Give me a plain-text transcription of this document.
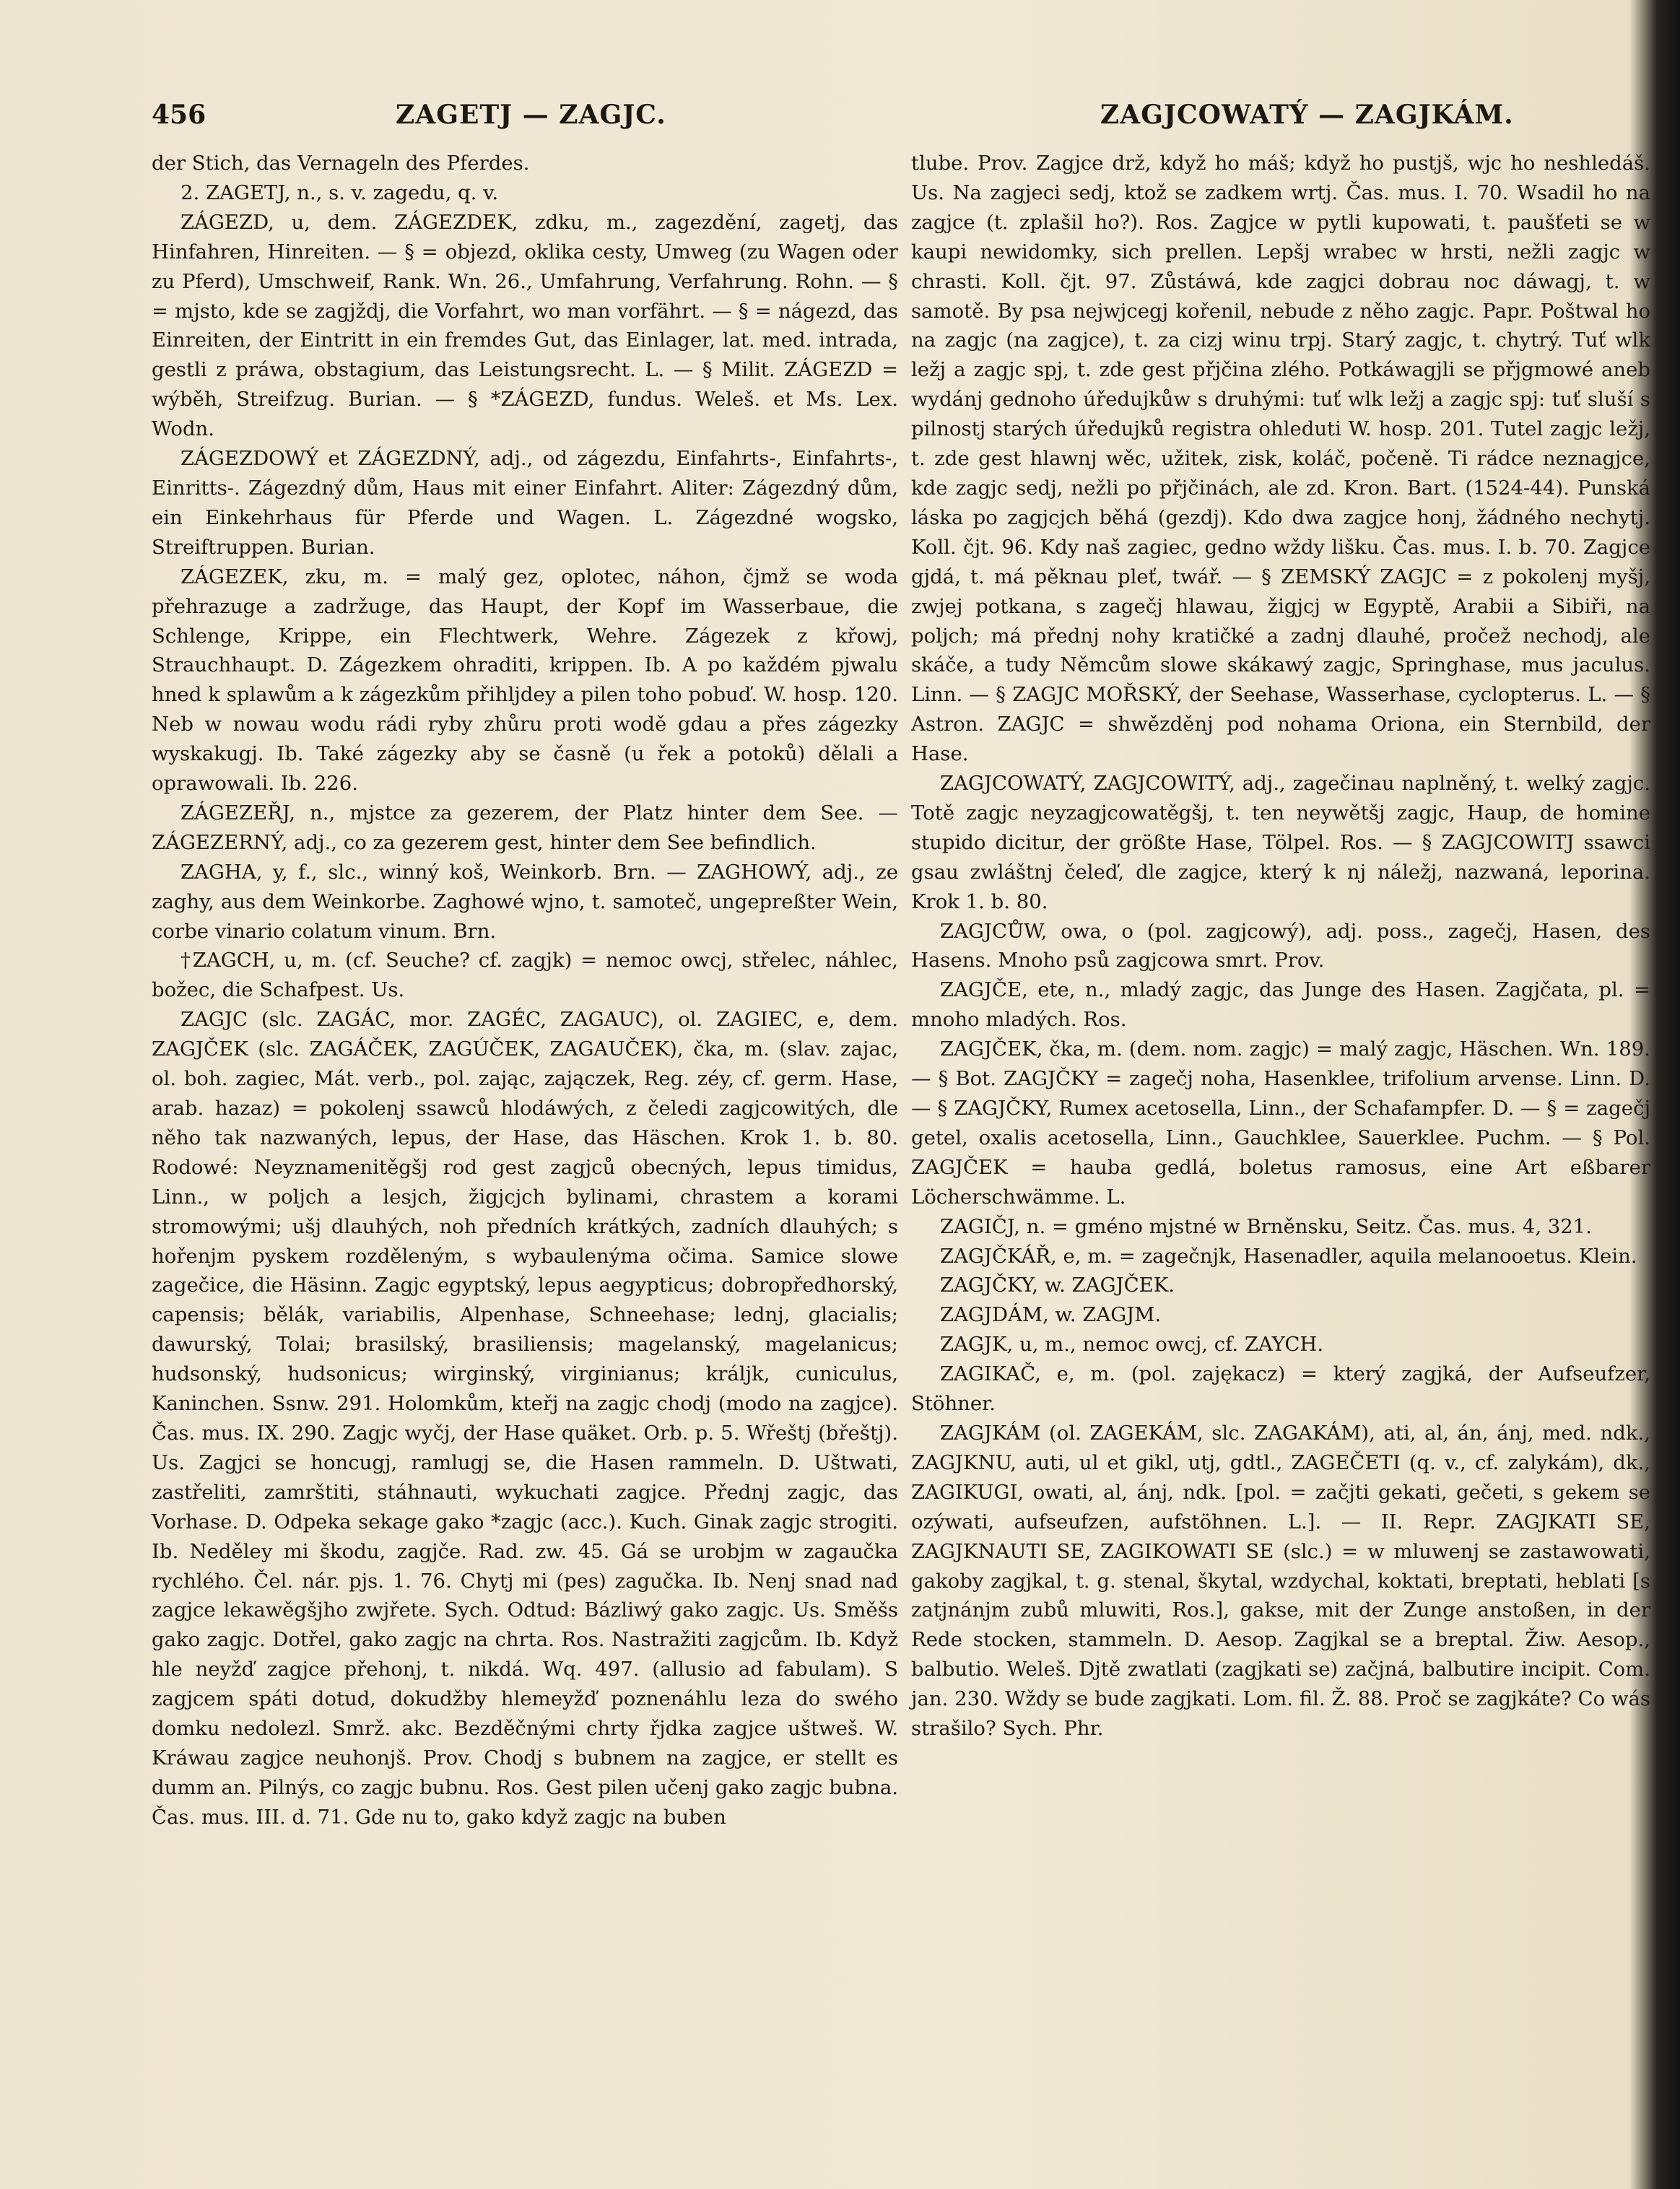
456	ZAGETJ — ZAGJC.	ZAGJCOWATÝ — ZAGJKÁM.

der Stich, das Vernageln des Pferdes.

2. ZAGETJ, n., s. v. zagedu, q. v.

ZÁGEZD, u, dem. ZÁGEZDEK, zdku, m., zagezdění, zagetj, das Hinfahren, Hinreiten. — § = objezd, oklika cesty, Umweg (zu Wagen oder zu Pferd), Umschweif, Rank. Wn. 26., Umfahrung, Verfahrung. Rohn. — § = mjsto, kde se zagjždj, die Vorfahrt, wo man vorfährt. — § = nágezd, das Einreiten, der Eintritt in ein fremdes Gut, das Einlager, lat. med. intrada, gestli z práwa, obstagium, das Leistungsrecht. L. — § Milit. ZÁGEZD = wýběh, Streifzug. Burian. — § *ZÁGEZD, fundus. Weleš. et Ms. Lex. Wodn.

ZÁGEZDOWÝ et ZÁGEZDNÝ, adj., od zágezdu, Einfahrts-, Einfahrts-, Einritts-. Zágezdný dům, Haus mit einer Einfahrt. Aliter: Zágezdný dům, ein Einkehrhaus für Pferde und Wagen. L. Zágezdné wogsko, Streiftruppen. Burian.

ZÁGEZEK, zku, m. = malý gez, oplotec, náhon, čjmž se woda přehrazuge a zadržuge, das Haupt, der Kopf im Wasserbaue, die Schlenge, Krippe, ein Flechtwerk, Wehre. Zágezek z křowj, Strauchhaupt. D. Zágezkem ohraditi, krippen. Ib. A po každém pjwalu hned k splawům a k zágezkům přihljdey a pilen toho pobuď. W. hosp. 120. Neb w nowau wodu rádi ryby zhůru proti wodě gdau a přes zágezky wyskakugj. Ib. Také zágezky aby se časně (u řek a potoků) dělali a oprawowali. Ib. 226.

ZÁGEZEŘJ, n., mjstce za gezerem, der Platz hinter dem See. — ZÁGEZERNÝ, adj., co za gezerem gest, hinter dem See befindlich.

ZAGHA, y, f., slc., winný koš, Weinkorb. Brn. — ZAGHOWÝ, adj., ze zaghy, aus dem Weinkorbe. Zaghowé wjno, t. samoteč, ungepreßter Wein, corbe vinario colatum vinum. Brn.

†ZAGCH, u, m. (cf. Seuche? cf. zagjk) = nemoc owcj, střelec, náhlec, božec, die Schafpest. Us.

ZAGJC (slc. ZAGÁC, mor. ZAGÉC, ZAGAUC), ol. ZAGIEC, e, dem. ZAGJČEK (slc. ZAGÁČEK, ZAGÚČEK, ZAGAUČEK), čka, m. (slav. zajac, ol. boh. zagiec, Mát. verb., pol. zając, zajączek, Reg. zéy, cf. germ. Hase, arab. hazaz) = pokolenj ssawců hlodáwých, z čeledi zagjcowitých, dle něho tak nazwaných, lepus, der Hase, das Häschen. Krok 1. b. 80. Rodowé: Neyznamenitěgšj rod gest zagjců obecných, lepus timidus, Linn., w poljch a lesjch, žigjcjch bylinami, chrastem a korami stromowými; ušj dlauhých, noh předních krátkých, zadních dlauhých; s hořenjm pyskem rozděleným, s wybaulenýma očima. Samice slowe zagečice, die Häsinn. Zagjc egyptský, lepus aegypticus; dobropředhorský, capensis; bělák, variabilis, Alpenhase, Schneehase; lednj, glacialis; dawurský, Tolai; brasilský, brasiliensis; magelanský, magelanicus; hudsonský, hudsonicus; wirginský, virginianus; králjk, cuniculus, Kaninchen. Ssnw. 291. Holomkům, kteřj na zagjc chodj (modo na zagjce). Čas. mus. IX. 290. Zagjc wyčj, der Hase quäket. Orb. p. 5. Wřeštj (břeštj). Us. Zagjci se honcugj, ramlugj se, die Hasen rammeln. D. Uštwati, zastřeliti, zamrštiti, stáhnauti, wykuchati zagjce. Přednj zagjc, das Vorhase. D. Odpeka sekage gako *zagjc (acc.). Kuch. Ginak zagjc strogiti. Ib. Neděley mi škodu, zagjče. Rad. zw. 45. Gá se urobjm w zagaučka rychlého. Čel. nár. pjs. 1. 76. Chytj mi (pes) zagučka. Ib. Nenj snad nad zagjce lekawěgšjho zwjřete. Sych. Odtud: Bázliwý gako zagjc. Us. Směšs gako zagjc. Dotřel, gako zagjc na chrta. Ros. Nastražiti zagjcům. Ib. Když hle neyžď zagjce přehonj, t. nikdá. Wq. 497. (allusio ad fabulam). S zagjcem spáti dotud, dokudžby hlemeyžď poznenáhlu leza do swého domku nedolezl. Smrž. akc. Bezděčnými chrty řjdka zagjce uštweš. W. Kráwau zagjce neuhonjš. Prov. Chodj s bubnem na zagjce, er stellt es dumm an. Pilnýs, co zagjc bubnu. Ros. Gest pilen učenj gako zagjc bubna. Čas. mus. III. d. 71. Gde nu to, gako když zagjc na buben

tlube. Prov. Zagjce drž, když ho máš; když ho pustjš, wjc ho neshledáš. Us. Na zagjeci sedj, ktož se zadkem wrtj. Čas. mus. I. 70. Wsadil ho na zagjce (t. zplašil ho?). Ros. Zagjce w pytli kupowati, t. paušťeti se w kaupi newidomky, sich prellen. Lepšj wrabec w hrsti, nežli zagjc w chrasti. Koll. čjt. 97. Zůstáwá, kde zagjci dobrau noc dáwagj, t. w samotě. By psa nejwjcegj kořenil, nebude z něho zagjc. Papr. Poštwal ho na zagjc (na zagjce), t. za cizj winu trpj. Starý zagjc, t. chytrý. Tuť wlk ležj a zagjc spj, t. zde gest přjčina zlého. Potkáwagjli se přjgmowé aneb wydánj gednoho úředujkůw s druhými: tuť wlk ležj a zagjc spj: tuť sluší s pilnostj starých úředujků registra ohleduti W. hosp. 201. Tutel zagjc ležj, t. zde gest hlawnj wěc, užitek, zisk, koláč, počeně. Ti rádce neznagjce, kde zagjc sedj, nežli po přjčinách, ale zd. Kron. Bart. (1524-44). Punská láska po zagjcjch běhá (gezdj). Kdo dwa zagjce honj, žádného nechytj. Koll. čjt. 96. Kdy naš zagiec, gedno wždy lišku. Čas. mus. I. b. 70. Zagjce gjdá, t. má pěknau pleť, twář. — § ZEMSKÝ ZAGJC = z pokolenj myšj, zwjej potkana, s zagečj hlawau, žigjcj w Egyptě, Arabii a Sibiři, na poljch; má přednj nohy kratičké a zadnj dlauhé, pročež nechodj, ale skáče, a tudy Němcům slowe skákawý zagjc, Springhase, mus jaculus. Linn. — § ZAGJC MOŘSKÝ, der Seehase, Wasserhase, cyclopterus. L. — § Astron. ZAGJC = shwězděnj pod nohama Oriona, ein Sternbild, der Hase.

ZAGJCOWATÝ, ZAGJCOWITÝ, adj., zagečinau naplněný, t. welký zagjc. Totě zagjc neyzagjcowatěgšj, t. ten neywětšj zagjc, Haup, de homine stupido dicitur, der größte Hase, Tölpel. Ros. — § ZAGJCOWITJ ssawci gsau zwláštnj čeleď, dle zagjce, který k nj náležj, nazwaná, leporina. Krok 1. b. 80.

ZAGJCŮW, owa, o (pol. zagjcowý), adj. poss., zagečj, Hasen, des Hasens. Mnoho psů zagjcowa smrt. Prov.

ZAGJČE, ete, n., mladý zagjc, das Junge des Hasen. Zagjčata, pl. = mnoho mladých. Ros.

ZAGJČEK, čka, m. (dem. nom. zagjc) = malý zagjc, Häschen. Wn. 189. — § Bot. ZAGJČKY = zagečj noha, Hasenklee, trifolium arvense. Linn. D. — § ZAGJČKY, Rumex acetosella, Linn., der Schafampfer. D. — § = zagečj getel, oxalis acetosella, Linn., Gauchklee, Sauerklee. Puchm. — § Pol. ZAGJČEK = hauba gedlá, boletus ramosus, eine Art eßbarer Löcherschwämme. L.

ZAGIČJ, n. = gméno mjstné w Brněnsku, Seitz. Čas. mus. 4, 321.

ZAGJČKÁŘ, e, m. = zagečnjk, Hasenadler, aquila melanooetus. Klein.

ZAGJČKY, w. ZAGJČEK.

ZAGJDÁM, w. ZAGJM.

ZAGJK, u, m., nemoc owcj, cf. ZAYCH.

ZAGIKAČ, e, m. (pol. zajękacz) = který zagjká, der Aufseufzer, Stöhner.

ZAGJKÁM (ol. ZAGEKÁM, slc. ZAGAKÁM), ati, al, án, ánj, med. ndk., ZAGJKNU, auti, ul et gikl, utj, gdtl., ZAGEČETI (q. v., cf. zalykám), dk., ZAGIKUGI, owati, al, ánj, ndk. [pol. = začjti gekati, gečeti, s gekem se ozýwati, aufseufzen, aufstöhnen. L.]. — II. Repr. ZAGJKATI SE, ZAGJKNAUTI SE, ZAGIKOWATI SE (slc.) = w mluwenj se zastawowati, gakoby zagjkal, t. g. stenal, škytal, wzdychal, koktati, breptati, heblati [s zatjnánjm zubů mluwiti, Ros.], gakse, mit der Zunge anstoßen, in der Rede stocken, stammeln. D. Aesop. Zagjkal se a breptal. Žiw. Aesop., balbutio. Weleš. Djtě zwatlati (zagjkati se) začjná, balbutire incipit. Com. jan. 230. Wždy se bude zagjkati. Lom. fil. Ž. 88. Proč se zagjkáte? Co wás strašilo? Sych. Phr.
